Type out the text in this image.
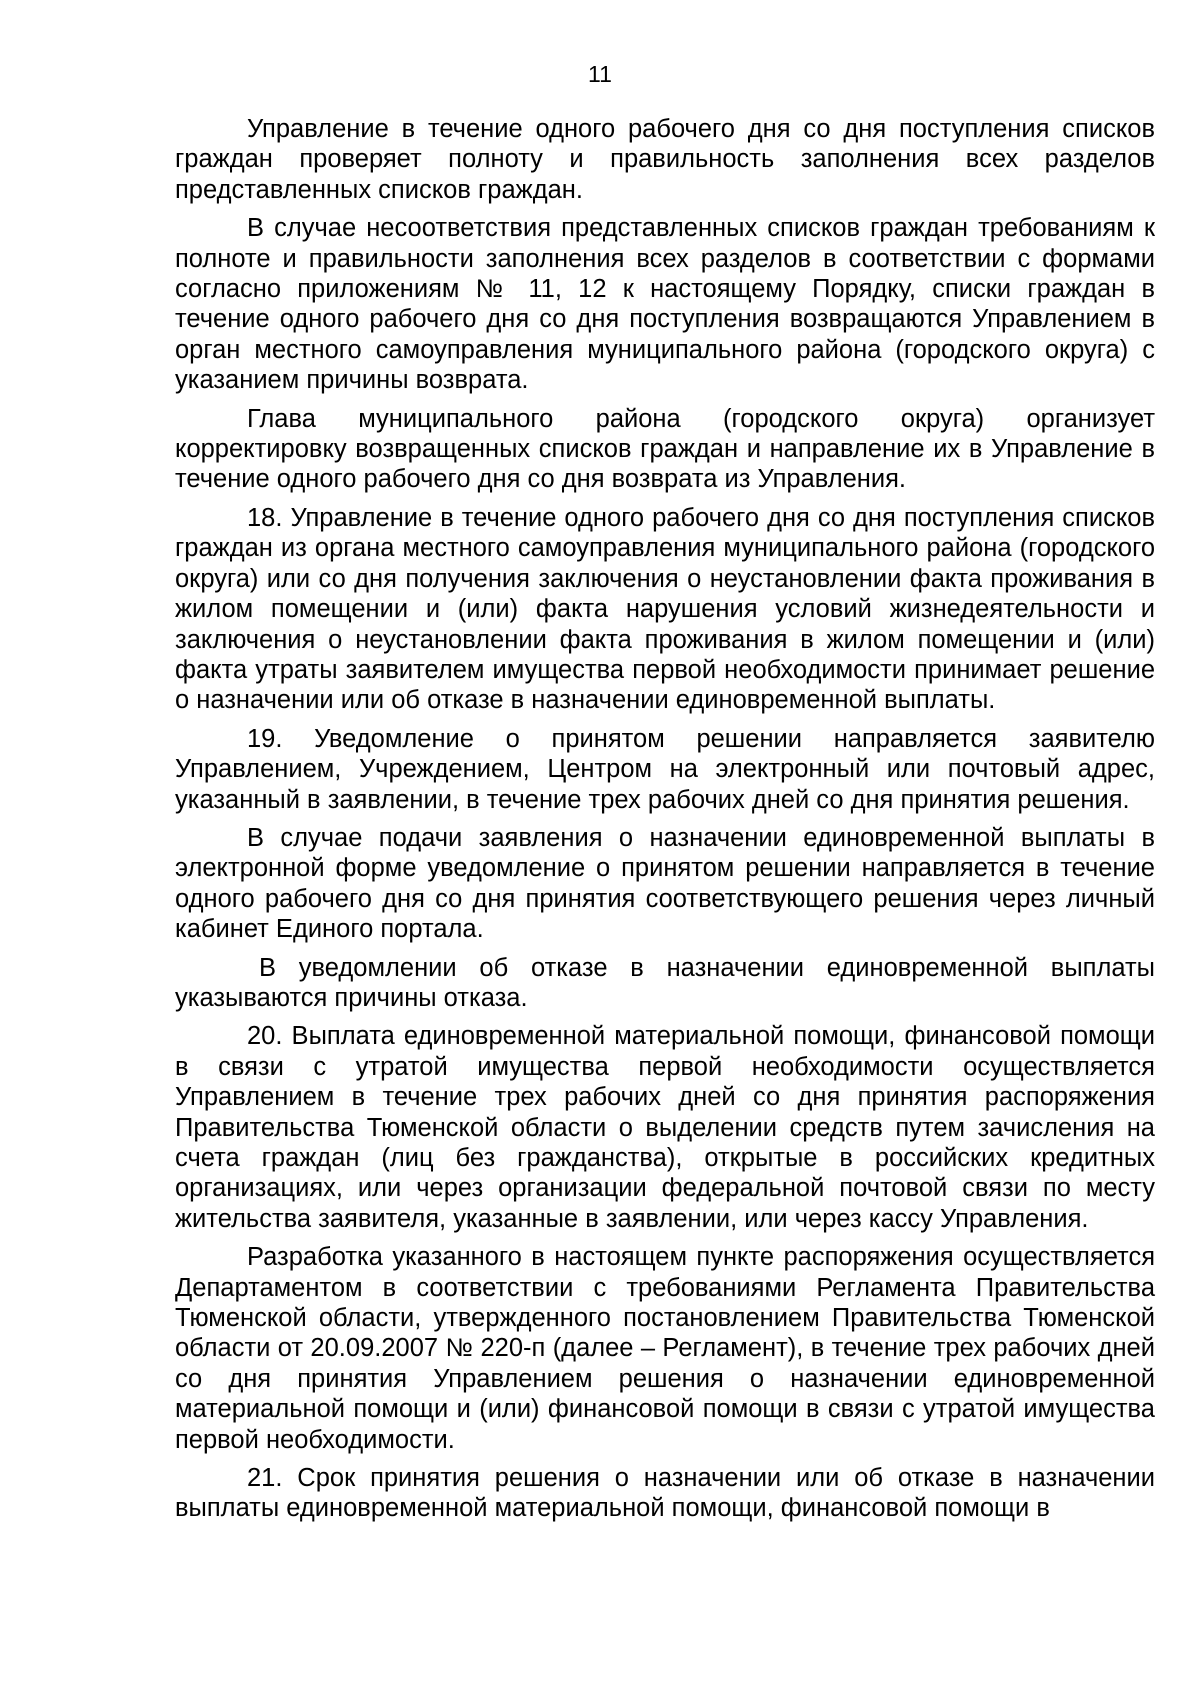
11

Управление в течение одного рабочего дня со дня поступления списков граждан проверяет полноту и правильность заполнения всех разделов представленных списков граждан.

В случае несоответствия представленных списков граждан требованиям к полноте и правильности заполнения всех разделов в соответствии с формами согласно приложениям № 11, 12 к настоящему Порядку, списки граждан в течение одного рабочего дня со дня поступления возвращаются Управлением в орган местного самоуправления муниципального района (городского округа) с указанием причины возврата.

Глава муниципального района (городского округа) организует корректировку возвращенных списков граждан и направление их в Управление в течение одного рабочего дня со дня возврата из Управления.

18. Управление в течение одного рабочего дня со дня поступления списков граждан из органа местного самоуправления муниципального района (городского округа) или со дня получения заключения о неустановлении факта проживания в жилом помещении и (или) факта нарушения условий жизнедеятельности и заключения о неустановлении факта проживания в жилом помещении и (или) факта утраты заявителем имущества первой необходимости принимает решение о назначении или об отказе в назначении единовременной выплаты.

19. Уведомление о принятом решении направляется заявителю Управлением, Учреждением, Центром на электронный или почтовый адрес, указанный в заявлении, в течение трех рабочих дней со дня принятия решения.

В случае подачи заявления о назначении единовременной выплаты в электронной форме уведомление о принятом решении направляется в течение одного рабочего дня со дня принятия соответствующего решения через личный кабинет Единого портала.

В уведомлении об отказе в назначении единовременной выплаты указываются причины отказа.

20. Выплата единовременной материальной помощи, финансовой помощи в связи с утратой имущества первой необходимости осуществляется Управлением в течение трех рабочих дней со дня принятия распоряжения Правительства Тюменской области о выделении средств путем зачисления на счета граждан (лиц без гражданства), открытые в российских кредитных организациях, или через организации федеральной почтовой связи по месту жительства заявителя, указанные в заявлении, или через кассу Управления.

Разработка указанного в настоящем пункте распоряжения осуществляется Департаментом в соответствии с требованиями Регламента Правительства Тюменской области, утвержденного постановлением Правительства Тюменской области от 20.09.2007 № 220-п (далее – Регламент), в течение трех рабочих дней со дня принятия Управлением решения о назначении единовременной материальной помощи и (или) финансовой помощи в связи с утратой имущества первой необходимости.

21. Срок принятия решения о назначении или об отказе в назначении выплаты единовременной материальной помощи, финансовой помощи в
